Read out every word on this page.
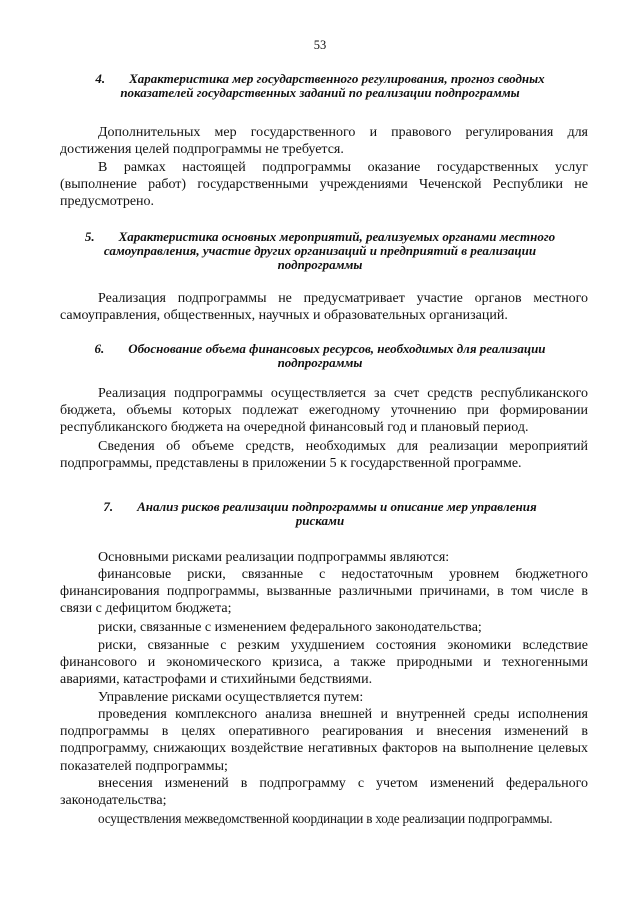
53
4. Характеристика мер государственного регулирования, прогноз сводных показателей государственных заданий по реализации подпрограммы

Дополнительных мер государственного и правового регулирования для достижения целей подпрограммы не требуется.

В рамках настоящей подпрограммы оказание государственных услуг (выполнение работ) государственными учреждениями Чеченской Республики не предусмотрено.

5. Характеристика основных мероприятий, реализуемых органами местного самоуправления, участие других организаций и предприятий в реализации подпрограммы

Реализация подпрограммы не предусматривает участие органов местного самоуправления, общественных, научных и образовательных организаций.

6. Обоснование объема финансовых ресурсов, необходимых для реализации подпрограммы

Реализация подпрограммы осуществляется за счет средств республиканского бюджета, объемы которых подлежат ежегодному уточнению при формировании республиканского бюджета на очередной финансовый год и плановый период.

Сведения об объеме средств, необходимых для реализации мероприятий подпрограммы, представлены в приложении 5 к государственной программе.

7. Анализ рисков реализации подпрограммы и описание мер управления рисками

Основными рисками реализации подпрограммы являются:

финансовые риски, связанные с недостаточным уровнем бюджетного финансирования подпрограммы, вызванные различными причинами, в том числе в связи с дефицитом бюджета;

риски, связанные с изменением федерального законодательства;

риски, связанные с резким ухудшением состояния экономики вследствие финансового и экономического кризиса, а также природными и техногенными авариями, катастрофами и стихийными бедствиями.

Управление рисками осуществляется путем:

проведения комплексного анализа внешней и внутренней среды исполнения подпрограммы в целях оперативного реагирования и внесения изменений в подпрограмму, снижающих воздействие негативных факторов на выполнение целевых показателей подпрограммы;

внесения изменений в подпрограмму с учетом изменений федерального законодательства;

осуществления межведомственной координации в ходе реализации подпрограммы.
